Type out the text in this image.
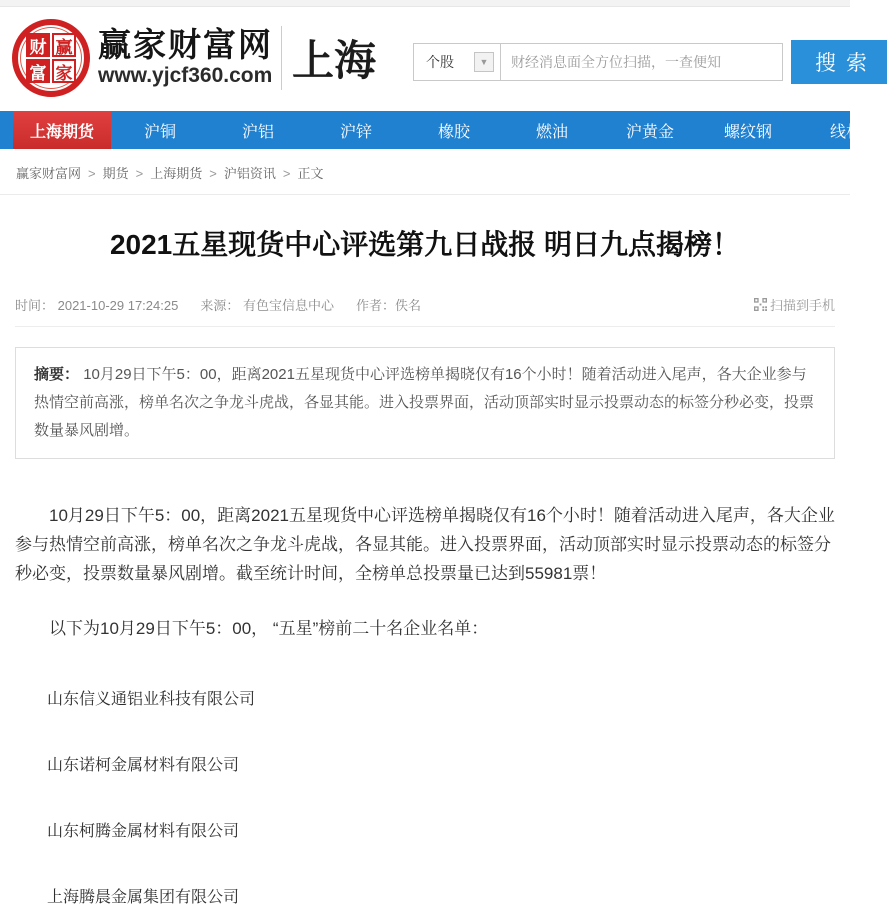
财 赢
富 家
赢家财富网
www.yjcf360.com 上海	个股	▼
财经消息面全方位扫描，一查便知	搜索
上海期货	沪铜	沪铝	沪锌	橡胶	燃油	沪黄金	螺纹钢	线材
赢家财富网 > 期货 > 上海期货 > 沪铝资讯 > 正文
2021五星现货中心评选第九日战报 明日九点揭榜！
时间： 2021-10-29 17:24:25 来源： 有色宝信息中心 作者：佚名	扫描到手机
摘要： 10月29日下午5：00，距离2021五星现货中心评选榜单揭晓仅有16个小时！随着活动进入尾声，各大企业参与热情空前高涨，榜单名次之争龙斗虎战，各显其能。进入投票界面，活动顶部实时显示投票动态的标签分秒必变，投票数量暴风剧增。

10月29日下午5：00，距离2021五星现货中心评选榜单揭晓仅有16个小时！随着活动进入尾声，各大企业参与热情空前高涨，榜单名次之争龙斗虎战，各显其能。进入投票界面，活动顶部实时显示投票动态的标签分秒必变，投票数量暴风剧增。截至统计时间，全榜单总投票量已达到55981票！

以下为10月29日下午5：00， “五星”榜前二十名企业名单：

山东信义通铝业科技有限公司

山东诺柯金属材料有限公司

山东柯腾金属材料有限公司

上海腾晨金属集团有限公司
